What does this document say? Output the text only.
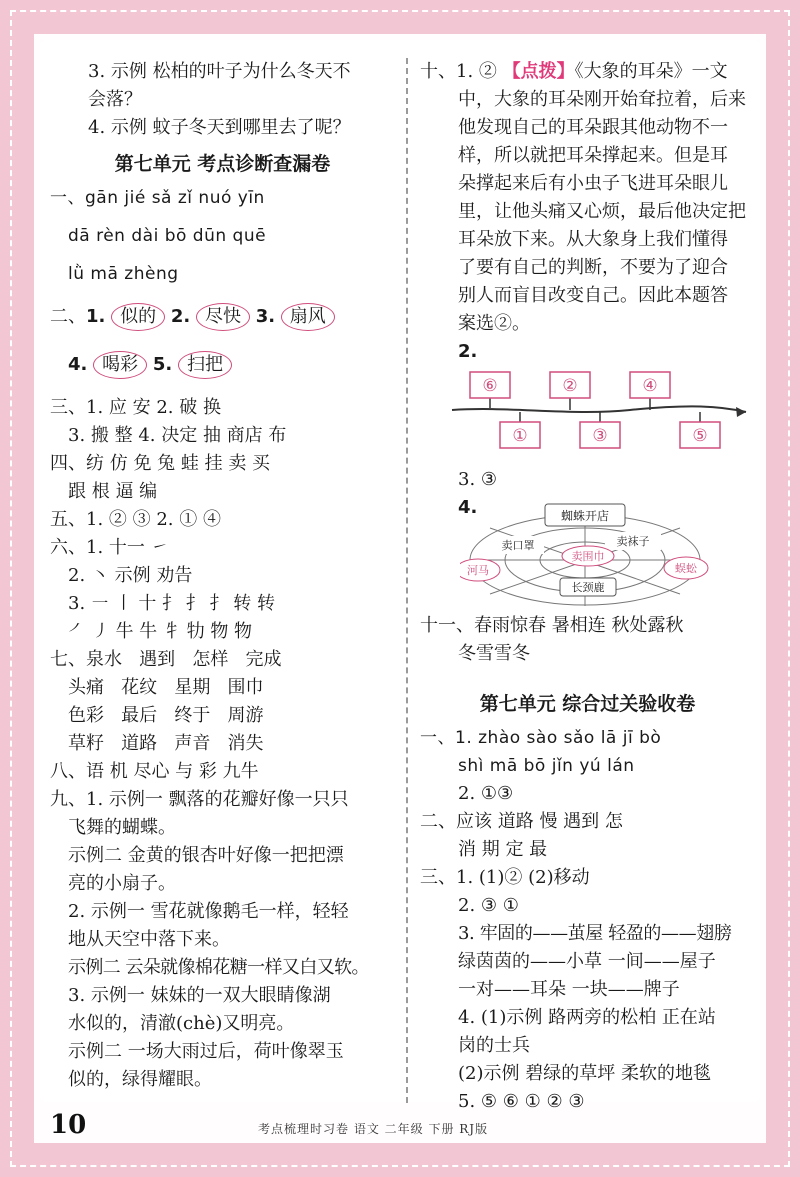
3. 示例 松柏的叶子为什么冬天不

会落？

4. 示例 蚊子冬天到哪里去了呢？

第七单元 考点诊断查漏卷

一、gān jié sǎ zǐ nuó yīn

dā rèn dài bō dūn quē

lǜ mā zhèng

二、1. 似的 2. 尽快 3. 扇风

4. 喝彩 5. 扫把

三、1. 应 安 2. 破 换

3. 搬 整 4. 决定 抽 商店 布

四、纺 仿 免 兔 蛙 挂 卖 买

跟 根 逼 编

五、1. ② ③ 2. ① ④

六、1. 十一 ㇀

2. ㇔ 示例 劝告

3. ㇐ ㇑ 十 ⺘ 扌 扌 转 转

㇒ ㇓ 牛 牛 牜 牞 物 物

七、泉水 遇到 怎样 完成

头痛 花纹 星期 围巾

色彩 最后 终于 周游

草籽 道路 声音 消失

八、语 机 尽心 与 彩 九牛

九、1. 示例一 飘落的花瓣好像一只只

飞舞的蝴蝶。

示例二 金黄的银杏叶好像一把把漂

亮的小扇子。

2. 示例一 雪花就像鹅毛一样，轻轻

地从天空中落下来。

示例二 云朵就像棉花糖一样又白又软。

3. 示例一 妹妹的一双大眼睛像湖

水似的，清澈(chè)又明亮。

示例二 一场大雨过后，荷叶像翠玉

似的，绿得耀眼。

十、1. ② 【点拨】《大象的耳朵》一文

中，大象的耳朵刚开始耷拉着，后来

他发现自己的耳朵跟其他动物不一

样，所以就把耳朵撑起来。但是耳

朵撑起来后有小虫子飞进耳朵眼儿

里，让他头痛又心烦，最后他决定把

耳朵放下来。从大象身上我们懂得

了要有自己的判断，不要为了迎合

别人而盲目改变自己。因此本题答

案选②。

2.

⑥	②	④
①	③	⑤

3. ③

4.	蜘蛛开店
卖口罩	卖袜子
卖围巾
河马	蜈蚣
长颈鹿

十一、春雨惊春 暑相连 秋处露秋

冬雪雪冬

第七单元 综合过关验收卷

一、1. zhào sào sǎo lā jī bò

shì mā bō jǐn yú lán

2. ①③

二、应该 道路 慢 遇到 怎

消 期 定 最

三、1. (1)② (2)移动

2. ③ ①

3. 牢固的——茧屋 轻盈的——翅膀

绿茵茵的——小草 一间——屋子

一对——耳朵 一块——牌子

4. (1)示例 路两旁的松柏 正在站

岗的士兵

(2)示例 碧绿的草坪 柔软的地毯

5. ⑤ ⑥ ① ② ③

10	考点梳理时习卷 语文 二年级 下册 RJ版
